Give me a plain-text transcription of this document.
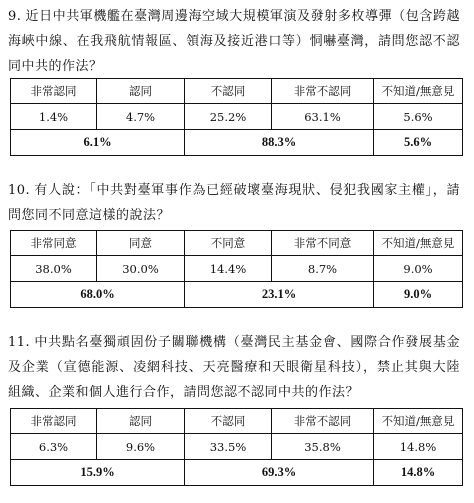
9. 近日中共軍機艦在臺灣周邊海空域大規模軍演及發射多枚導彈（包含跨越海峽中線、在我飛航情報區、領海及接近港口等）恫嚇臺灣，請問您認不認同中共的作法？
非常認同	認同	不認同	非常不認同	不知道/無意見
1.4%	4.7%	25.2%	63.1%	5.6%
6.1%		88.3%		5.6%
10. 有人說：「中共對臺軍事作為已經破壞臺海現狀、侵犯我國家主權」，請問您同不同意這樣的說法？
非常同意	同意	不同意	非常不同意	不知道/無意見
38.0%	30.0%	14.4%	8.7%	9.0%
68.0%		23.1%		9.0%
11. 中共點名臺獨頑固份子關聯機構（臺灣民主基金會、國際合作發展基金及企業（宣德能源、凌網科技、天亮醫療和天眼衛星科技），禁止其與大陸組織、企業和個人進行合作，請問您認不認同中共的作法？
非常認同	認同	不認同	非常不認同	不知道/無意見
6.3%	9.6%	33.5%	35.8%	14.8%
15.9%		69.3%		14.8%
